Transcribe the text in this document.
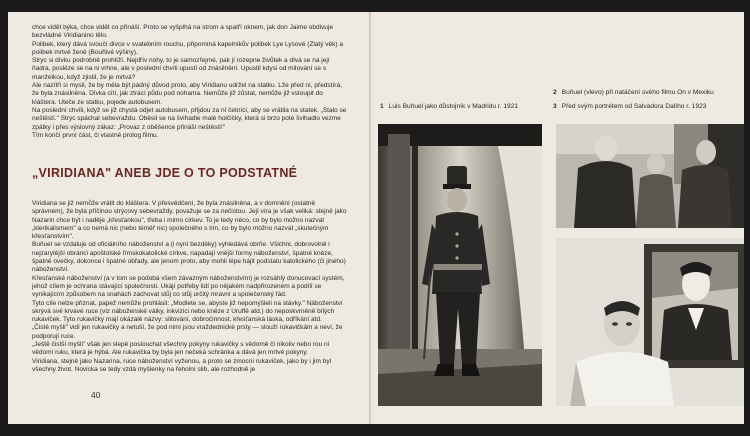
chce vidět býka, chce vidět co přináší. Proto se vyšplhá na strom a spatří oknem, jak don Jaime obdivuje bezvládné Viridianino tělo.

Polibek, který dává svoučí dívce v svatebním rouchu, připomíná kapelníkův polibek Lye Lysové (Zlatý věk) a polibek mrtvé ženě (Bouřlivé výšiny).

Stryc si dívku podrobně prohlíží. Nejdřív nohy, to je samozřejmé, pak jí rozepne živůtek a dívá se na její ňadra, posléze se na ni vrhne, ale v poslední chvíli upustí od znásilnění. Upustil kdysi od milování se s manželkou, když zjistil, že je mrtvá?

Ale nazítří si myslí, že by měla být pádný důvod proto, aby Viridianu udržel na statku. Lže před ní, předstírá, že byla znásilněna. Dívka cítí, jak ztrácí půdu pod nohama. Nemůže již zůstat, nemůže již vstoupit do kláštera. Uteče ze statku, pojede autobusem.

Na poslední chvíli, když se již chystá odjet autobusem, přijdou za ní četníci, aby se vrátila na statek. „Stalo se neštěstí." Stryc spáchal sebevraždu. Oběsil se na švihadle malé holčičky, která si brzo poté švihadlo vezme zpátky i přes výslovný zákaz: „Provaz z oběšence přináší neštěstí!"

Tím končí první část, či vlastně prolog filmu.

„VIRIDIANA" ANEB JDE O TO PODSTATNÉ

Viridiana se již nemůže vrátit do kláštera. V přesvědčení, že byla znásilněna, a v domnění (ostatně správném), že byla příčinou strýcovy sebevraždy, považuje se za nečistou. Její víra je však veliká: stejně jako Nazarin chce být i naděje „křesťankou", třeba i mimo církev. To je tedy něco, co by bylo možno nazvat „klerikalismem" a co nemá nic (nebo téměř nic) společného s tím, co by bylo možno nazvat „skutečným křesťanstvím".

Buňuel se vzdaluje od oficiálního náboženství a (i nyní bezděky) vyhledává obrňe. Všichni, dobrovolně i nejzarytější obránci apoštolské římskokatolické církve, napadají vnější formy náboženství, špatné kněze, špatné ovečky, dokonce i špatné obřady, ale jenom proto, aby mohli lépe hájit podstatu katolického (či jiného) náboženství.

Křesťanské náboženství (a v tom se podobá všem závazným náboženstvím) je rozsáhlý donucovací systém, jehož cílem je ochrana stávající společnosti. Ukájí potřeby lidí po nějakém nadpřirozeném a podílí se vynikajícím způsobem na snahách zachovat stůj co stůj určitý mravní a společenský řád.

Tyto cíle nelze přiznat, papež nemůže prohlásit: „Modlete se, abyste již nepomýšleli na stávky." Náboženství skrývá své krvavé ruce (viz náboženské války, inkvizici nebo kněze z Uruffé atd.) do neposkvrněně bílých rukaviček. Tyto rukavičky mají okázalé názvy: slitování, dobročinnost, křesťanská láska, odříkání atd.

„Čisté myšli" vidí jen rukavičky a netuší, že pod nimi jsou vraždednické prsty — slouží rukavičkám a neví, že podporují ruce.

„Ještě čistší myšli" však jen slepě poslouchat všechny pokyny rukavičky s vědomě či nikoliv nebo rou ni vědomí ruku, která je hýbá. Ale rukavička by byla jen nečeká schránka a dává jen mrtvé pokyny.

Viridiana, stejně jako Nazarina, ruce náboženství vyženou, a proto se zmocní rukaviček, jako by i jim byl všechny život. Novicka se tedy vzdá myšlenky na řeholní slib, ale rozhodně je

40
1 Luis Buňuel jako důstojník v Madridu r. 1921
2 Buňuel (vlevo) při natáčení svého filmu On v Mexiku
3 Před svým portrétem od Salvadora Dalího r. 1923
